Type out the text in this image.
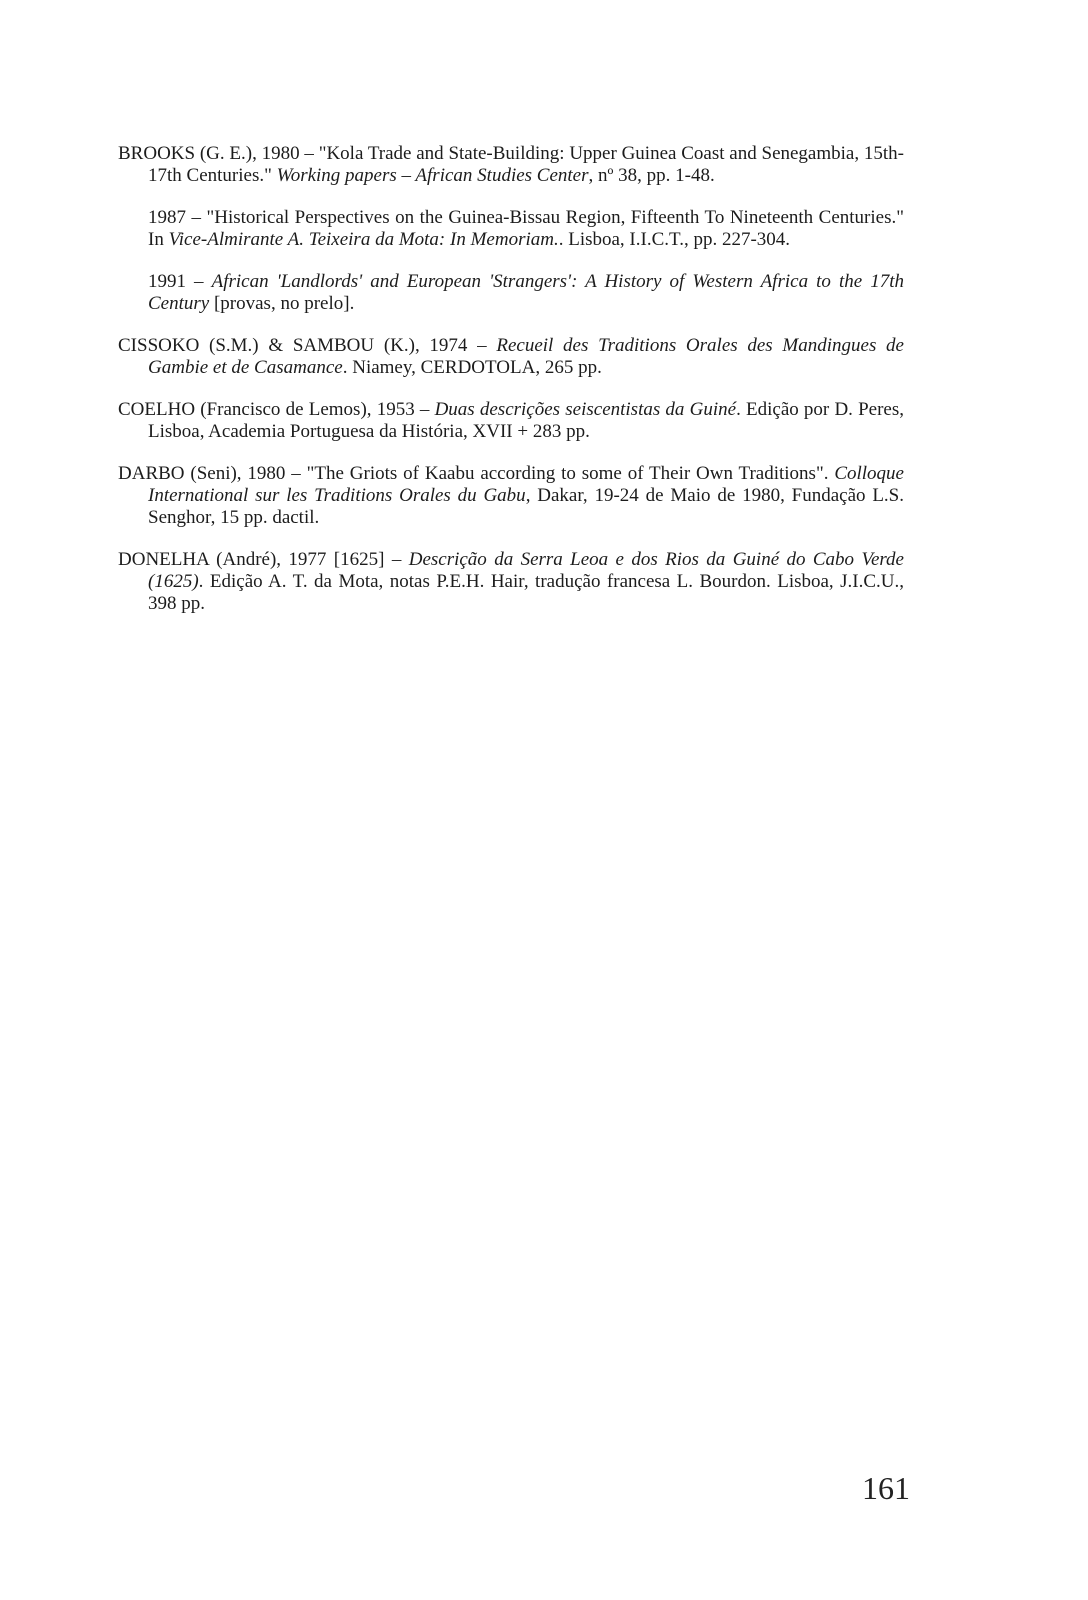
BROOKS (G. E.), 1980 – "Kola Trade and State-Building: Upper Guinea Coast and Senegambia, 15th-17th Centuries." Working papers – African Studies Center, nº 38, pp. 1-48.

1987 – "Historical Perspectives on the Guinea-Bissau Region, Fifteenth To Nineteenth Centuries." In Vice-Almirante A. Teixeira da Mota: In Memoriam.. Lisboa, I.I.C.T., pp. 227-304.

1991 – African 'Landlords' and European 'Strangers': A History of Western Africa to the 17th Century [provas, no prelo].

CISSOKO (S.M.) & SAMBOU (K.), 1974 – Recueil des Traditions Orales des Mandingues de Gambie et de Casamance. Niamey, CERDOTOLA, 265 pp.

COELHO (Francisco de Lemos), 1953 – Duas descrições seiscentistas da Guiné. Edição por D. Peres, Lisboa, Academia Portuguesa da História, XVII + 283 pp.

DARBO (Seni), 1980 – "The Griots of Kaabu according to some of Their Own Traditions". Colloque International sur les Traditions Orales du Gabu, Dakar, 19-24 de Maio de 1980, Fundação L.S. Senghor, 15 pp. dactil.

DONELHA (André), 1977 [1625] – Descrição da Serra Leoa e dos Rios da Guiné do Cabo Verde (1625). Edição A. T. da Mota, notas P.E.H. Hair, tradução francesa L. Bourdon. Lisboa, J.I.C.U., 398 pp.

161
